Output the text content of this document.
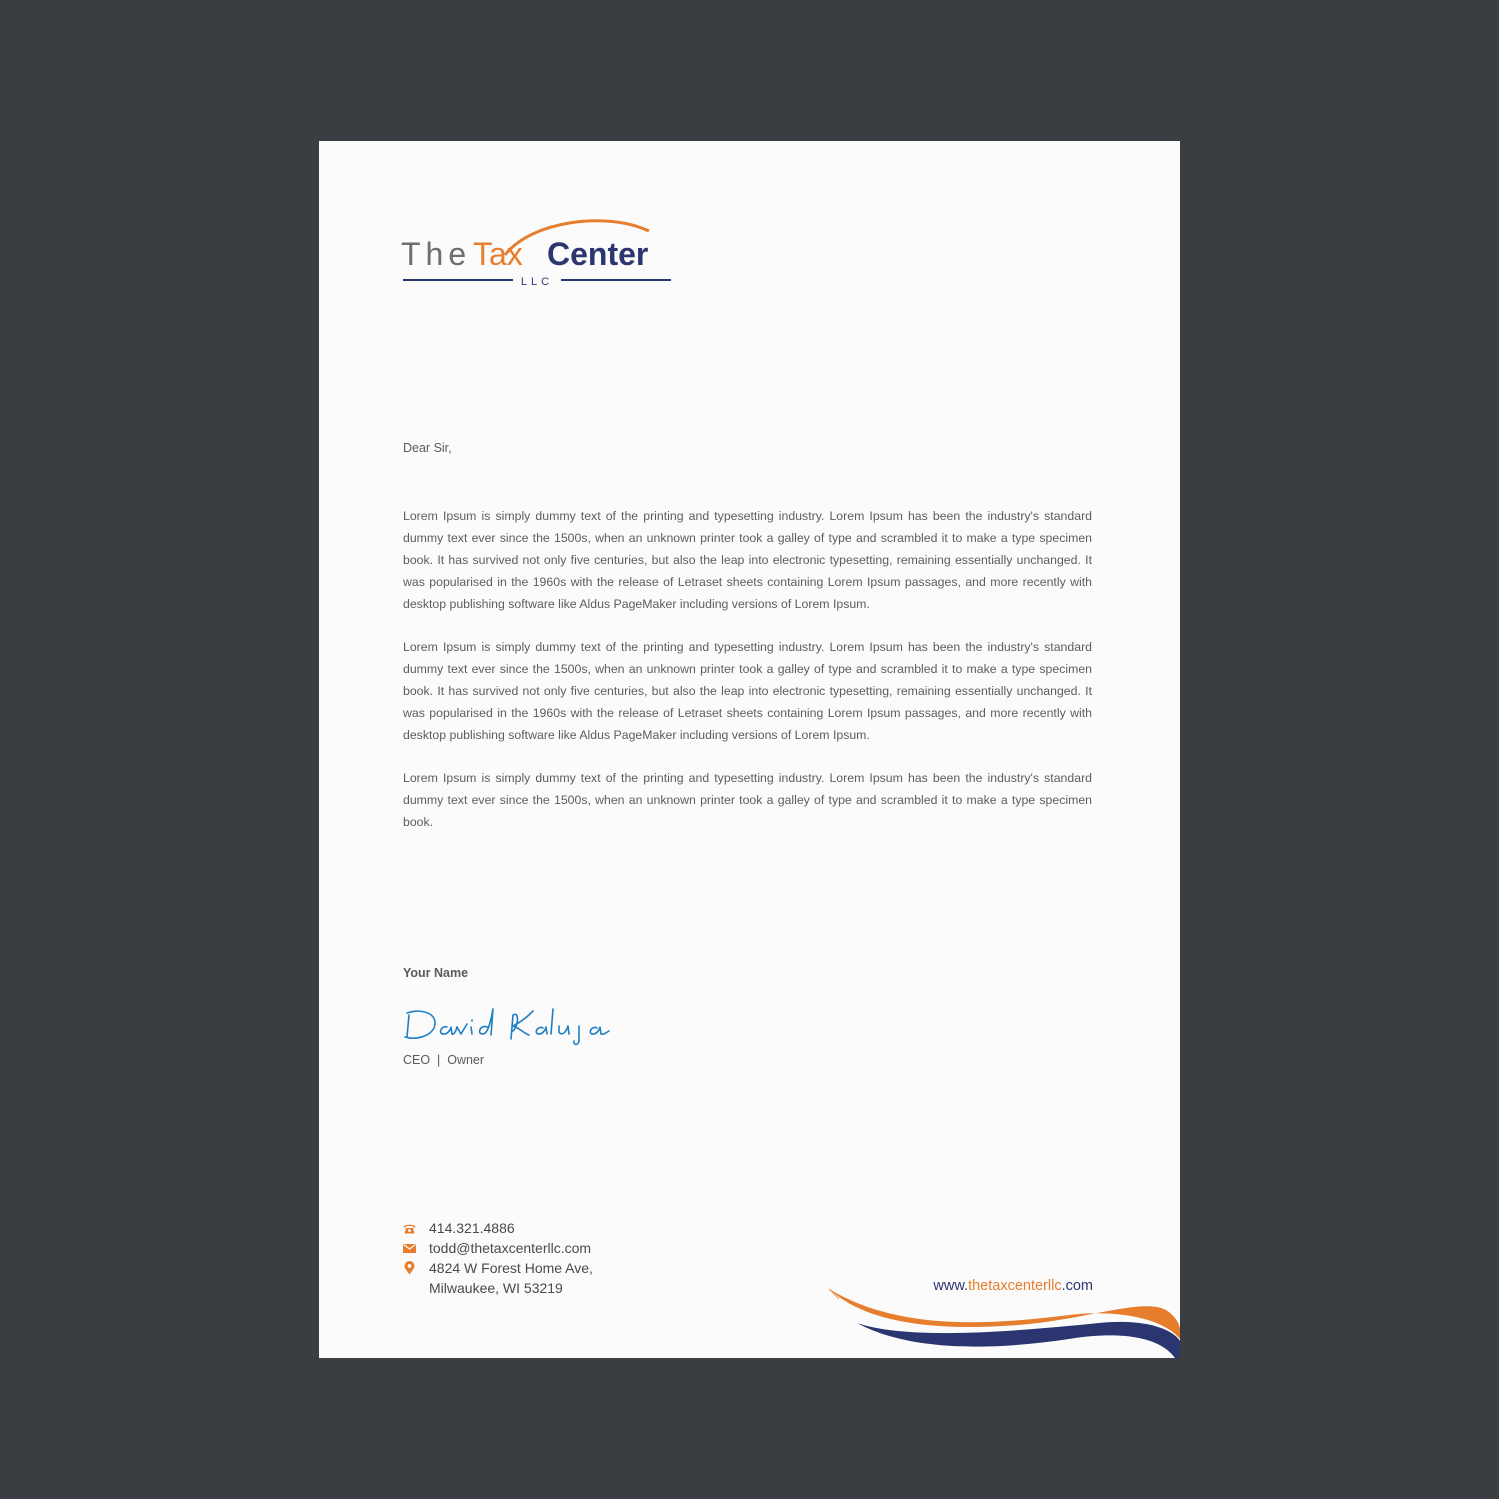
The Tax Center
LLC

Dear Sir,

Lorem Ipsum is simply dummy text of the printing and typesetting industry. Lorem Ipsum has been the industry's standard dummy text ever since the 1500s, when an unknown printer took a galley of type and scrambled it to make a type specimen book. It has survived not only five centuries, but also the leap into electronic typesetting, remaining essentially unchanged. It was popularised in the 1960s with the release of Letraset sheets containing Lorem Ipsum passages, and more recently with desktop publishing software like Aldus PageMaker including versions of Lorem Ipsum.

Lorem Ipsum is simply dummy text of the printing and typesetting industry. Lorem Ipsum has been the industry's standard dummy text ever since the 1500s, when an unknown printer took a galley of type and scrambled it to make a type specimen book. It has survived not only five centuries, but also the leap into electronic typesetting, remaining essentially unchanged. It was popularised in the 1960s with the release of Letraset sheets containing Lorem Ipsum passages, and more recently with desktop publishing software like Aldus PageMaker including versions of Lorem Ipsum.

Lorem Ipsum is simply dummy text of the printing and typesetting industry. Lorem Ipsum has been the industry's standard dummy text ever since the 1500s, when an unknown printer took a galley of type and scrambled it to make a type specimen book.

Your Name

CEO  |  Owner

414.321.4886
todd@thetaxcenterllc.com
4824 W Forest Home Ave,
Milwaukee, WI 53219	www.thetaxcenterllc.com
